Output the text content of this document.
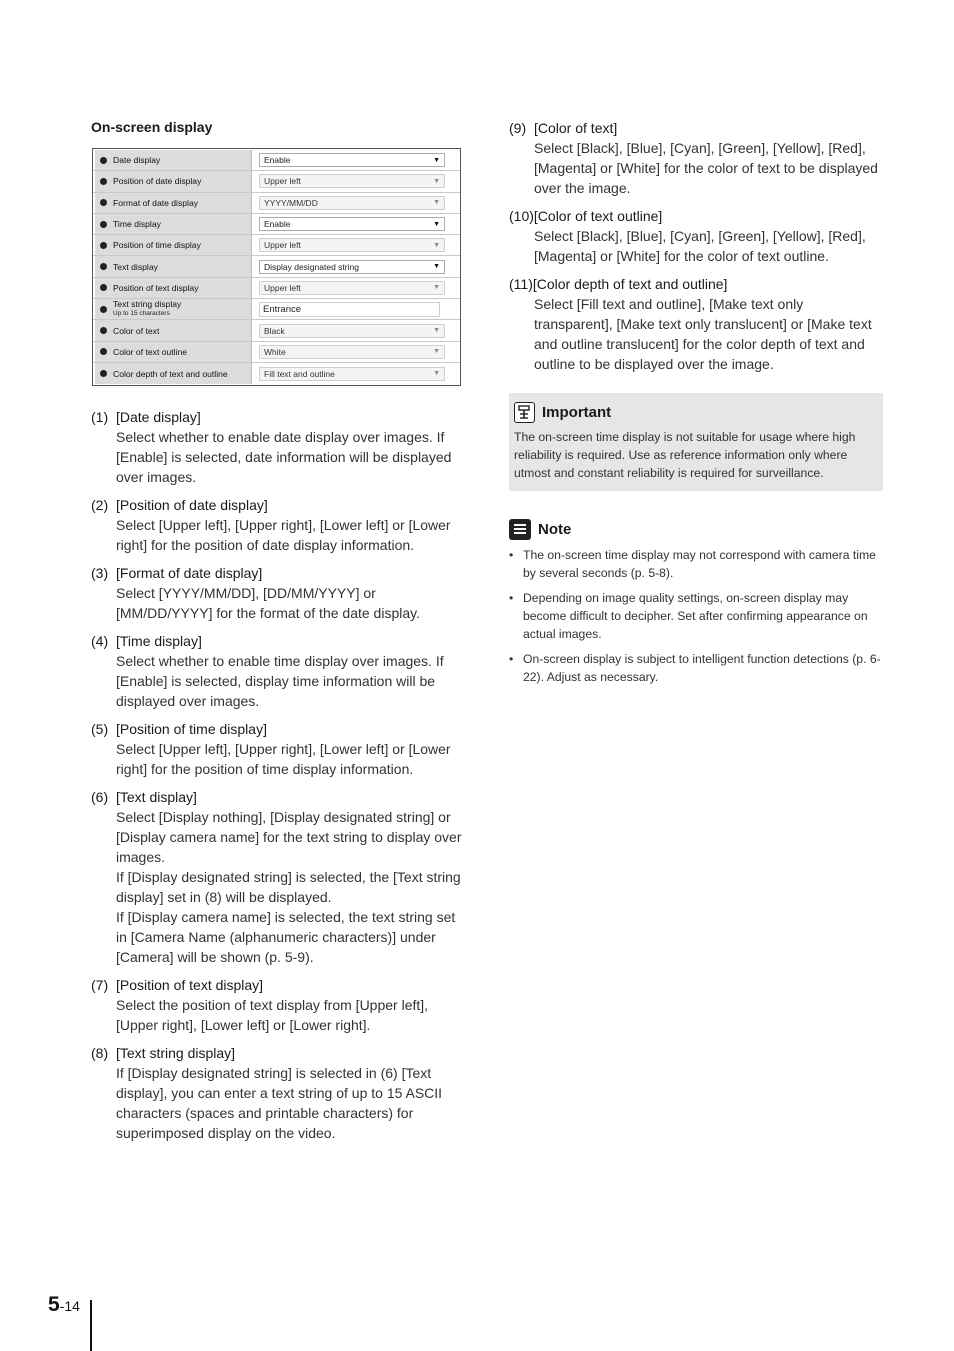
On-screen display
Date display	Enable	▼
Position of date display	Upper left	▼
Format of date display	YYYY/MM/DD	▼
Time display	Enable	▼
Position of time display	Upper left	▼
Text display	Display designated string	▼
Position of text display	Upper left	▼
Text string display
Up to 15 characters	Entrance
Color of text	Black	▼
Color of text outline	White	▼
Color depth of text and outline	Fill text and outline	▼
(1) [Date display]
Select whether to enable date display over images. If [Enable] is selected, date information will be displayed over images.
(2) [Position of date display]
Select [Upper left], [Upper right], [Lower left] or [Lower right] for the position of date display information.
(3) [Format of date display]
Select [YYYY/MM/DD], [DD/MM/YYYY] or [MM/DD/YYYY] for the format of the date display.
(4) [Time display]
Select whether to enable time display over images. If [Enable] is selected, display time information will be displayed over images.
(5) [Position of time display]
Select [Upper left], [Upper right], [Lower left] or [Lower right] for the position of time display information.
(6) [Text display]
Select [Display nothing], [Display designated string] or [Display camera name] for the text string to display over images.
If [Display designated string] is selected, the [Text string display] set in (8) will be displayed.
If [Display camera name] is selected, the text string set in [Camera Name (alphanumeric characters)] under [Camera] will be shown (p. 5-9).
(7) [Position of text display]
Select the position of text display from [Upper left], [Upper right], [Lower left] or [Lower right].
(8) [Text string display]
If [Display designated string] is selected in (6) [Text display], you can enter a text string of up to 15 ASCII characters (spaces and printable characters) for superimposed display on the video.
(9) [Color of text]
Select [Black], [Blue], [Cyan], [Green], [Yellow], [Red], [Magenta] or [White] for the color of text to be displayed over the image.
(10) [Color of text outline]
Select [Black], [Blue], [Cyan], [Green], [Yellow], [Red], [Magenta] or [White] for the color of text outline.
(11) [Color depth of text and outline]
Select [Fill text and outline], [Make text only transparent], [Make text only translucent] or [Make text and outline translucent] for the color depth of text and outline to be displayed over the image.
Important
The on-screen time display is not suitable for usage where high reliability is required. Use as reference information only where utmost and constant reliability is required for surveillance.
Note
• The on-screen time display may not correspond with camera time by several seconds (p. 5-8).
• Depending on image quality settings, on-screen display may become difficult to decipher. Set after confirming appearance on actual images.
• On-screen display is subject to intelligent function detections (p. 6-22). Adjust as necessary.
5-14
